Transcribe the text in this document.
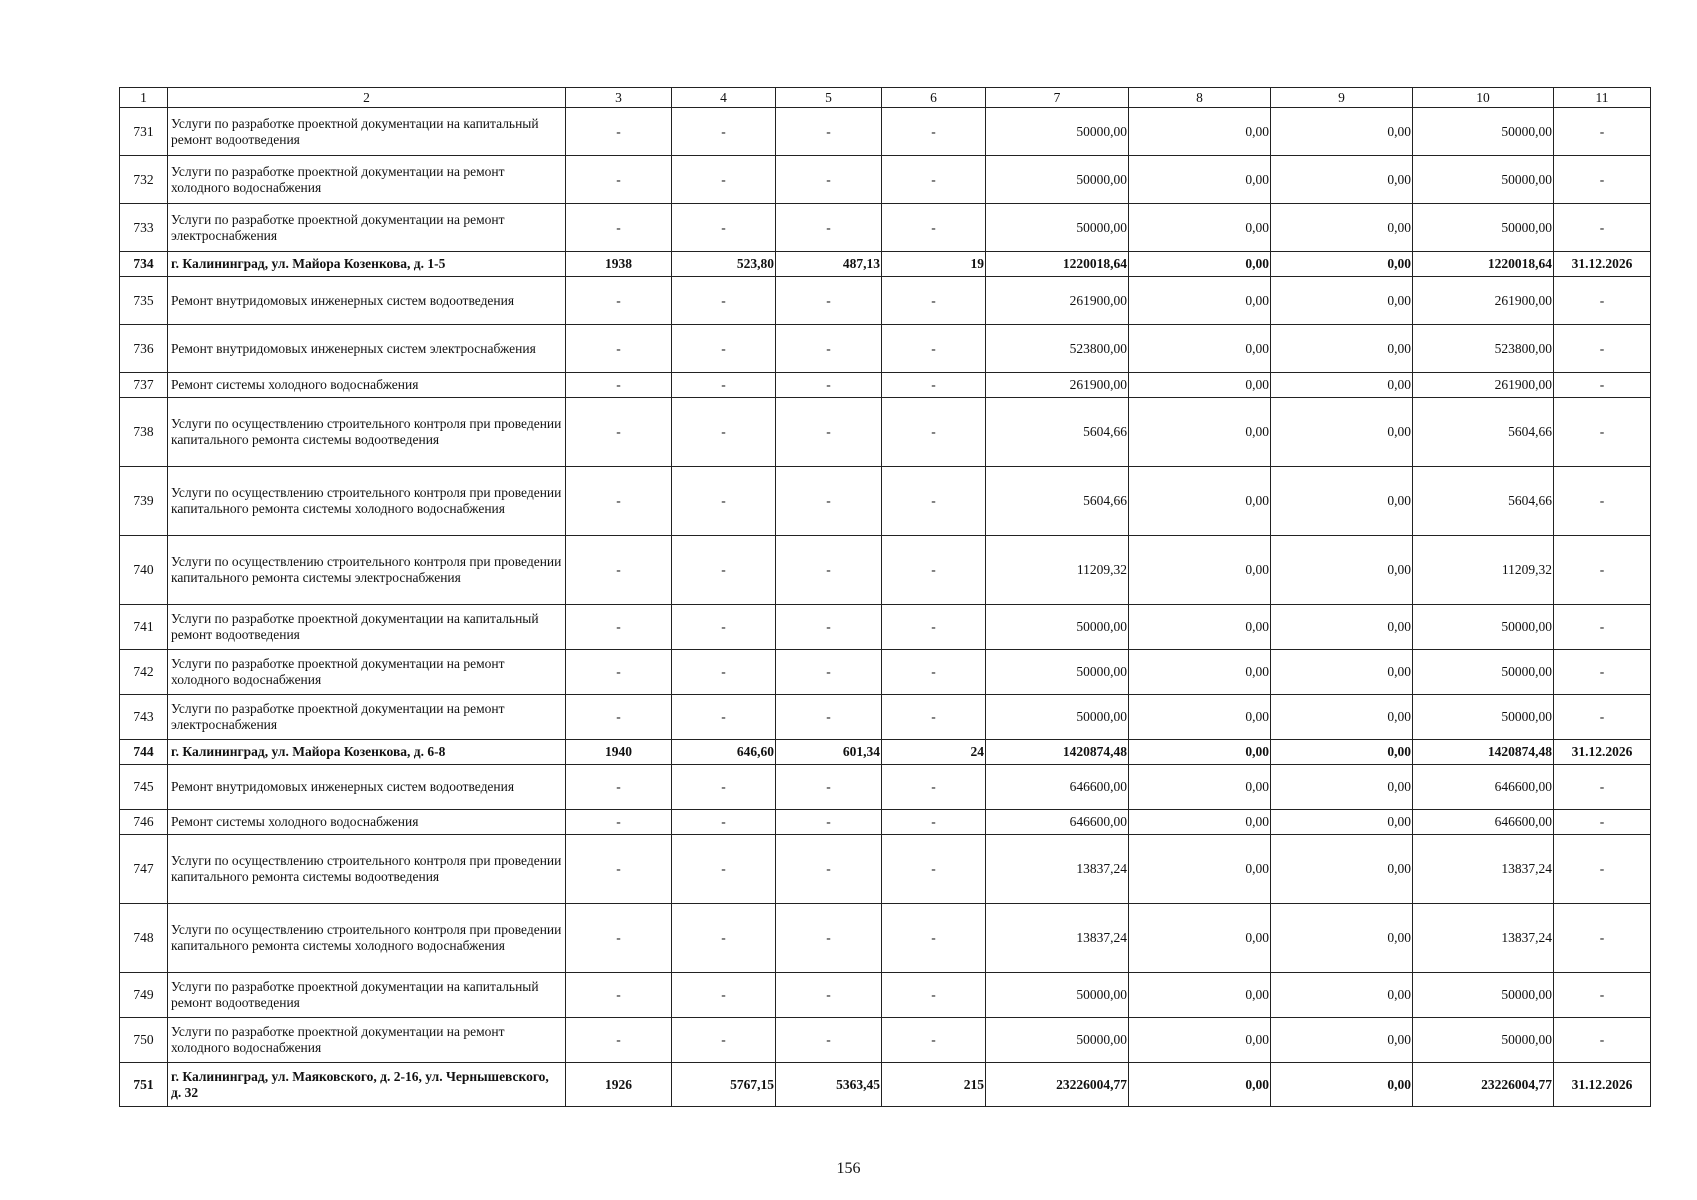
1	2	3	4	5	6	7	8	9	10	11
731	Услуги по разработке проектной документации на капитальный ремонт водоотведения	-	-	-	-	50000,00	0,00	0,00	50000,00	-
732	Услуги по разработке проектной документации на ремонт холодного водоснабжения	-	-	-	-	50000,00	0,00	0,00	50000,00	-
733	Услуги по разработке проектной документации на ремонт электроснабжения	-	-	-	-	50000,00	0,00	0,00	50000,00	-
734	г. Калининград, ул. Майора Козенкова, д. 1-5	1938	523,80	487,13	19	1220018,64	0,00	0,00	1220018,64	31.12.2026
735	Ремонт внутридомовых инженерных систем водоотведения	-	-	-	-	261900,00	0,00	0,00	261900,00	-
736	Ремонт внутридомовых инженерных систем электроснабжения	-	-	-	-	523800,00	0,00	0,00	523800,00	-
737	Ремонт системы холодного водоснабжения	-	-	-	-	261900,00	0,00	0,00	261900,00	-
738	Услуги по осуществлению строительного контроля при проведении капитального ремонта системы водоотведения	-	-	-	-	5604,66	0,00	0,00	5604,66	-
739	Услуги по осуществлению строительного контроля при проведении капитального ремонта системы холодного водоснабжения	-	-	-	-	5604,66	0,00	0,00	5604,66	-
740	Услуги по осуществлению строительного контроля при проведении капитального ремонта системы электроснабжения	-	-	-	-	11209,32	0,00	0,00	11209,32	-
741	Услуги по разработке проектной документации на капитальный ремонт водоотведения	-	-	-	-	50000,00	0,00	0,00	50000,00	-
742	Услуги по разработке проектной документации на ремонт холодного водоснабжения	-	-	-	-	50000,00	0,00	0,00	50000,00	-
743	Услуги по разработке проектной документации на ремонт электроснабжения	-	-	-	-	50000,00	0,00	0,00	50000,00	-
744	г. Калининград, ул. Майора Козенкова, д. 6-8	1940	646,60	601,34	24	1420874,48	0,00	0,00	1420874,48	31.12.2026
745	Ремонт внутридомовых инженерных систем водоотведения	-	-	-	-	646600,00	0,00	0,00	646600,00	-
746	Ремонт системы холодного водоснабжения	-	-	-	-	646600,00	0,00	0,00	646600,00	-
747	Услуги по осуществлению строительного контроля при проведении капитального ремонта системы водоотведения	-	-	-	-	13837,24	0,00	0,00	13837,24	-
748	Услуги по осуществлению строительного контроля при проведении капитального ремонта системы холодного водоснабжения	-	-	-	-	13837,24	0,00	0,00	13837,24	-
749	Услуги по разработке проектной документации на капитальный ремонт водоотведения	-	-	-	-	50000,00	0,00	0,00	50000,00	-
750	Услуги по разработке проектной документации на ремонт холодного водоснабжения	-	-	-	-	50000,00	0,00	0,00	50000,00	-
751	г. Калининград, ул. Маяковского, д. 2-16, ул. Чернышевского, д. 32	1926	5767,15	5363,45	215	23226004,77	0,00	0,00	23226004,77	31.12.2026
156
